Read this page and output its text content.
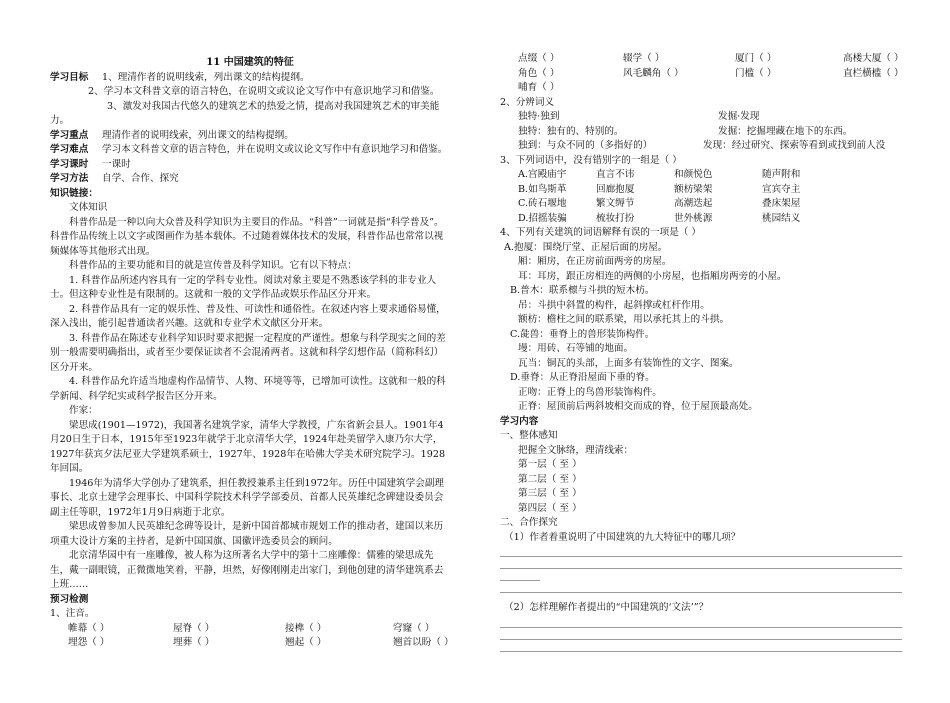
11 中国建筑的特征

学习目标	1、理清作者的说明线索，列出课文的结构提纲。

2、学习本文科普文章的语言特色，在说明文或议论文写作中有意识地学习和借鉴。

3、激发对我国古代悠久的建筑艺术的热爱之情，提高对我国建筑艺术的审美能力。

学习重点	理清作者的说明线索，列出课文的结构提纲。

学习难点 学习本文科普文章的语言特色，并在说明文或议论文写作中有意识地学习和借鉴。

学习课时	一课时
学习方法	自学、合作、探究

知识链接：

文体知识

科普作品是一种以向大众普及科学知识为主要目的作品。“科普”一词就是指“科学普及”。科普作品传统上以文字或图画作为基本载体。不过随着媒体技术的发展，科普作品也常常以视频媒体等其他形式出现。

科普作品的主要功能和目的就是宣传普及科学知识。它有以下特点：

1. 科普作品所述内容具有一定的学科专业性。阅读对象主要是不熟悉该学科的非专业人士。但这种专业性是有限制的。这就和一般的文学作品或娱乐作品区分开来。

2. 科普作品具有一定的娱乐性、普及性、可读性和通俗性。在叙述内容上要求通俗易懂，深入浅出，能引起普通读者兴趣。这就和专业学术文献区分开来。

3. 科普作品在陈述专业科学知识时要求把握一定程度的严谨性。想象与科学现实之间的差别一般需要明确指出，或者至少要保证读者不会混淆两者。这就和科学幻想作品（简称科幻）区分开来。

4. 科普作品允许适当地虚构作品情节、人物、环境等等，已增加可读性。这就和一般的科学新闻、科学纪实或科学报告区分开来。

作家：

梁思成(1901—1972)，我国著名建筑学家，清华大学教授，广东省新会县人。1901年4月20日生于日本，1915年至1923年就学于北京清华大学，1924年赴美留学入康乃尔大学，1927年获宾夕法尼亚大学建筑系硕士，1927年、1928年在哈佛大学美术研究院学习。1928年回国。

1946年为清华大学创办了建筑系，担任教授兼系主任到1972年。历任中国建筑学会副理事长、北京土建学会理事长、中国科学院技术科学学部委员、首都人民英雄纪念碑建设委员会副主任等职，1972年1月9日病逝于北京。

梁思成曾参加人民英雄纪念碑等设计，是新中国首都城市规划工作的推动者，建国以来历项重大设计方案的主持者，是新中国国旗、国徽评选委员会的顾问。

北京清华园中有一座雕像，被人称为这所著名大学中的第十二座雕像：儒雅的梁思成先生，戴一副眼镜，正微微地笑着，平静，坦然，好像刚刚走出家门，到他创建的清华建筑系去上班……

预习检测

1、注音。

帷幕（ ）	屋脊（ ）	接榫（ ）	穹窿（ ）
埋怨（ ）	埋葬（ ）	翘起（ ）	翘首以盼（ ）
点缀（ ）	辍学（ ）	厦门（ ）	高楼大厦（ ）
角色（ ）	风毛麟角（ ）	门槛（ ）	直栏横槛（ ）

哺育（ ）

2、分辨词义

独特·独到	发掘·发现
独特：独有的、特别的。	发掘：挖掘埋藏在地下的东西。
独到：与众不同的（多指好的）	发现：经过研究、探索等看到或找到前人没

3、下列词语中，没有错别字的一组是（ ）

A.宫殿庙宇	直言不讳	和颜悦色	随声附和
B.如鸟斯革	回廊抱厦	额枋梁架	宣宾夺主
C.砖石堰地	繁文缛节	高潮迭起	叠床架屋
D.招摇装骗	梳妆打扮	世外桃源	桃园结义

4、下列有关建筑的词语解释有误的一项是（ ）

A.抱厦：围绕厅堂、正屋后面的房屋。

厢：厢房，在正房前面两旁的房屋。

耳：耳房，跟正房相连的两侧的小房屋，也指厢房两旁的小屋。

B.普木：联系檩与斗拱的短木枋。

吊：斗拱中斜置的构件，起斜撑或杠杆作用。

额枋：檐柱之间的联系梁，用以承托其上的斗拱。

C.彘兽：垂脊上的兽形装饰构件。

墁：用砖、石等铺的地面。

瓦当：铜瓦的头部，上面多有装饰性的文字、图案。

D.垂脊：从正脊沿屋面下垂的脊。

正吻：正脊上的鸟兽形装饰构件。

正脊：屋顶前后两斜坡相交而成的脊，位于屋顶最高处。

学习内容

一、整体感知

把握全文脉络，理清线索：

第一层（ 至 ）

第二层（ 至 ）

第三层（ 至 ）

第四层（ 至 ）

二、合作探究

（1）作者着重说明了中国建筑的九大特征中的哪几项？

（2）怎样理解作者提出的“中国建筑的‘文法’”？
